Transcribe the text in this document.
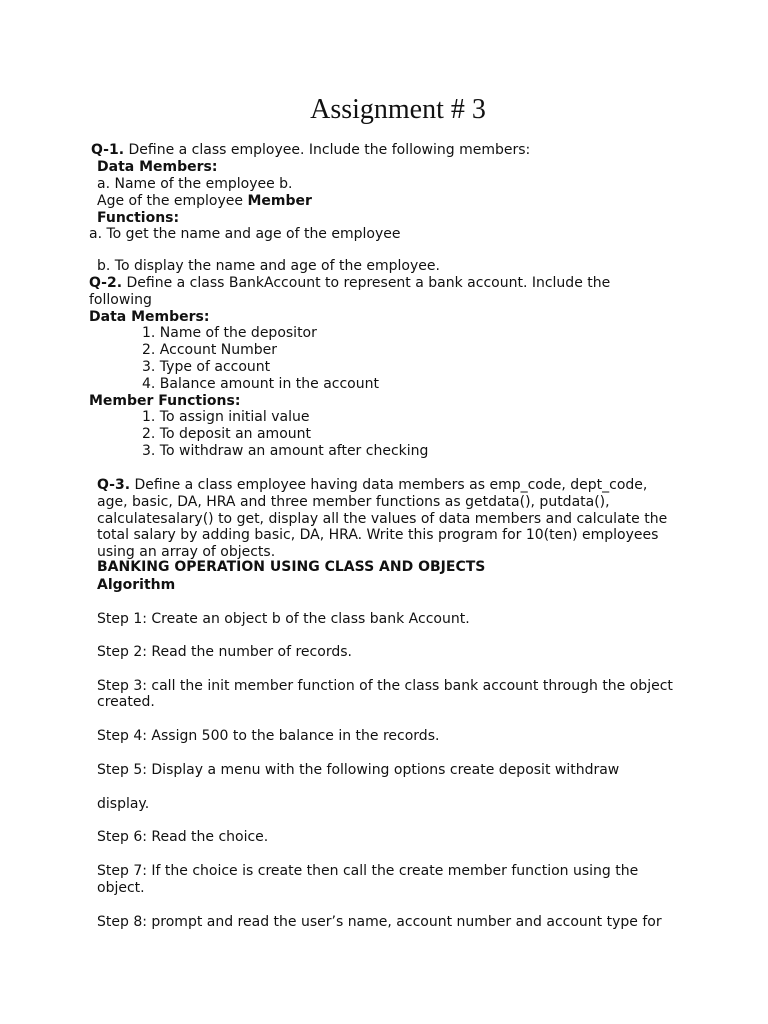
Assignment # 3
Q-1. Define a class employee. Include the following members:
Data Members:
a. Name of the employee b.
Age of the employee Member
Functions:
a. To get the name and age of the employee
b. To display the name and age of the employee.
Q-2. Define a class BankAccount to represent a bank account. Include the
following
Data Members:
1. Name of the depositor
2. Account Number
3. Type of account
4. Balance amount in the account
Member Functions:
1. To assign initial value
2. To deposit an amount
3. To withdraw an amount after checking
Q-3. Define a class employee having data members as emp_code, dept_code,
age, basic, DA, HRA and three member functions as getdata(), putdata(),
calculatesalary() to get, display all the values of data members and calculate the
total salary by adding basic, DA, HRA. Write this program for 10(ten) employees
using an array of objects.
BANKING OPERATION USING CLASS AND OBJECTS
Algorithm
Step 1: Create an object b of the class bank Account.
Step 2: Read the number of records.
Step 3: call the init member function of the class bank account through the object
created.
Step 4: Assign 500 to the balance in the records.
Step 5: Display a menu with the following options create deposit withdraw
display.
Step 6: Read the choice.
Step 7: If the choice is create then call the create member function using the
object.
Step 8: prompt and read the user’s name, account number and account type for
